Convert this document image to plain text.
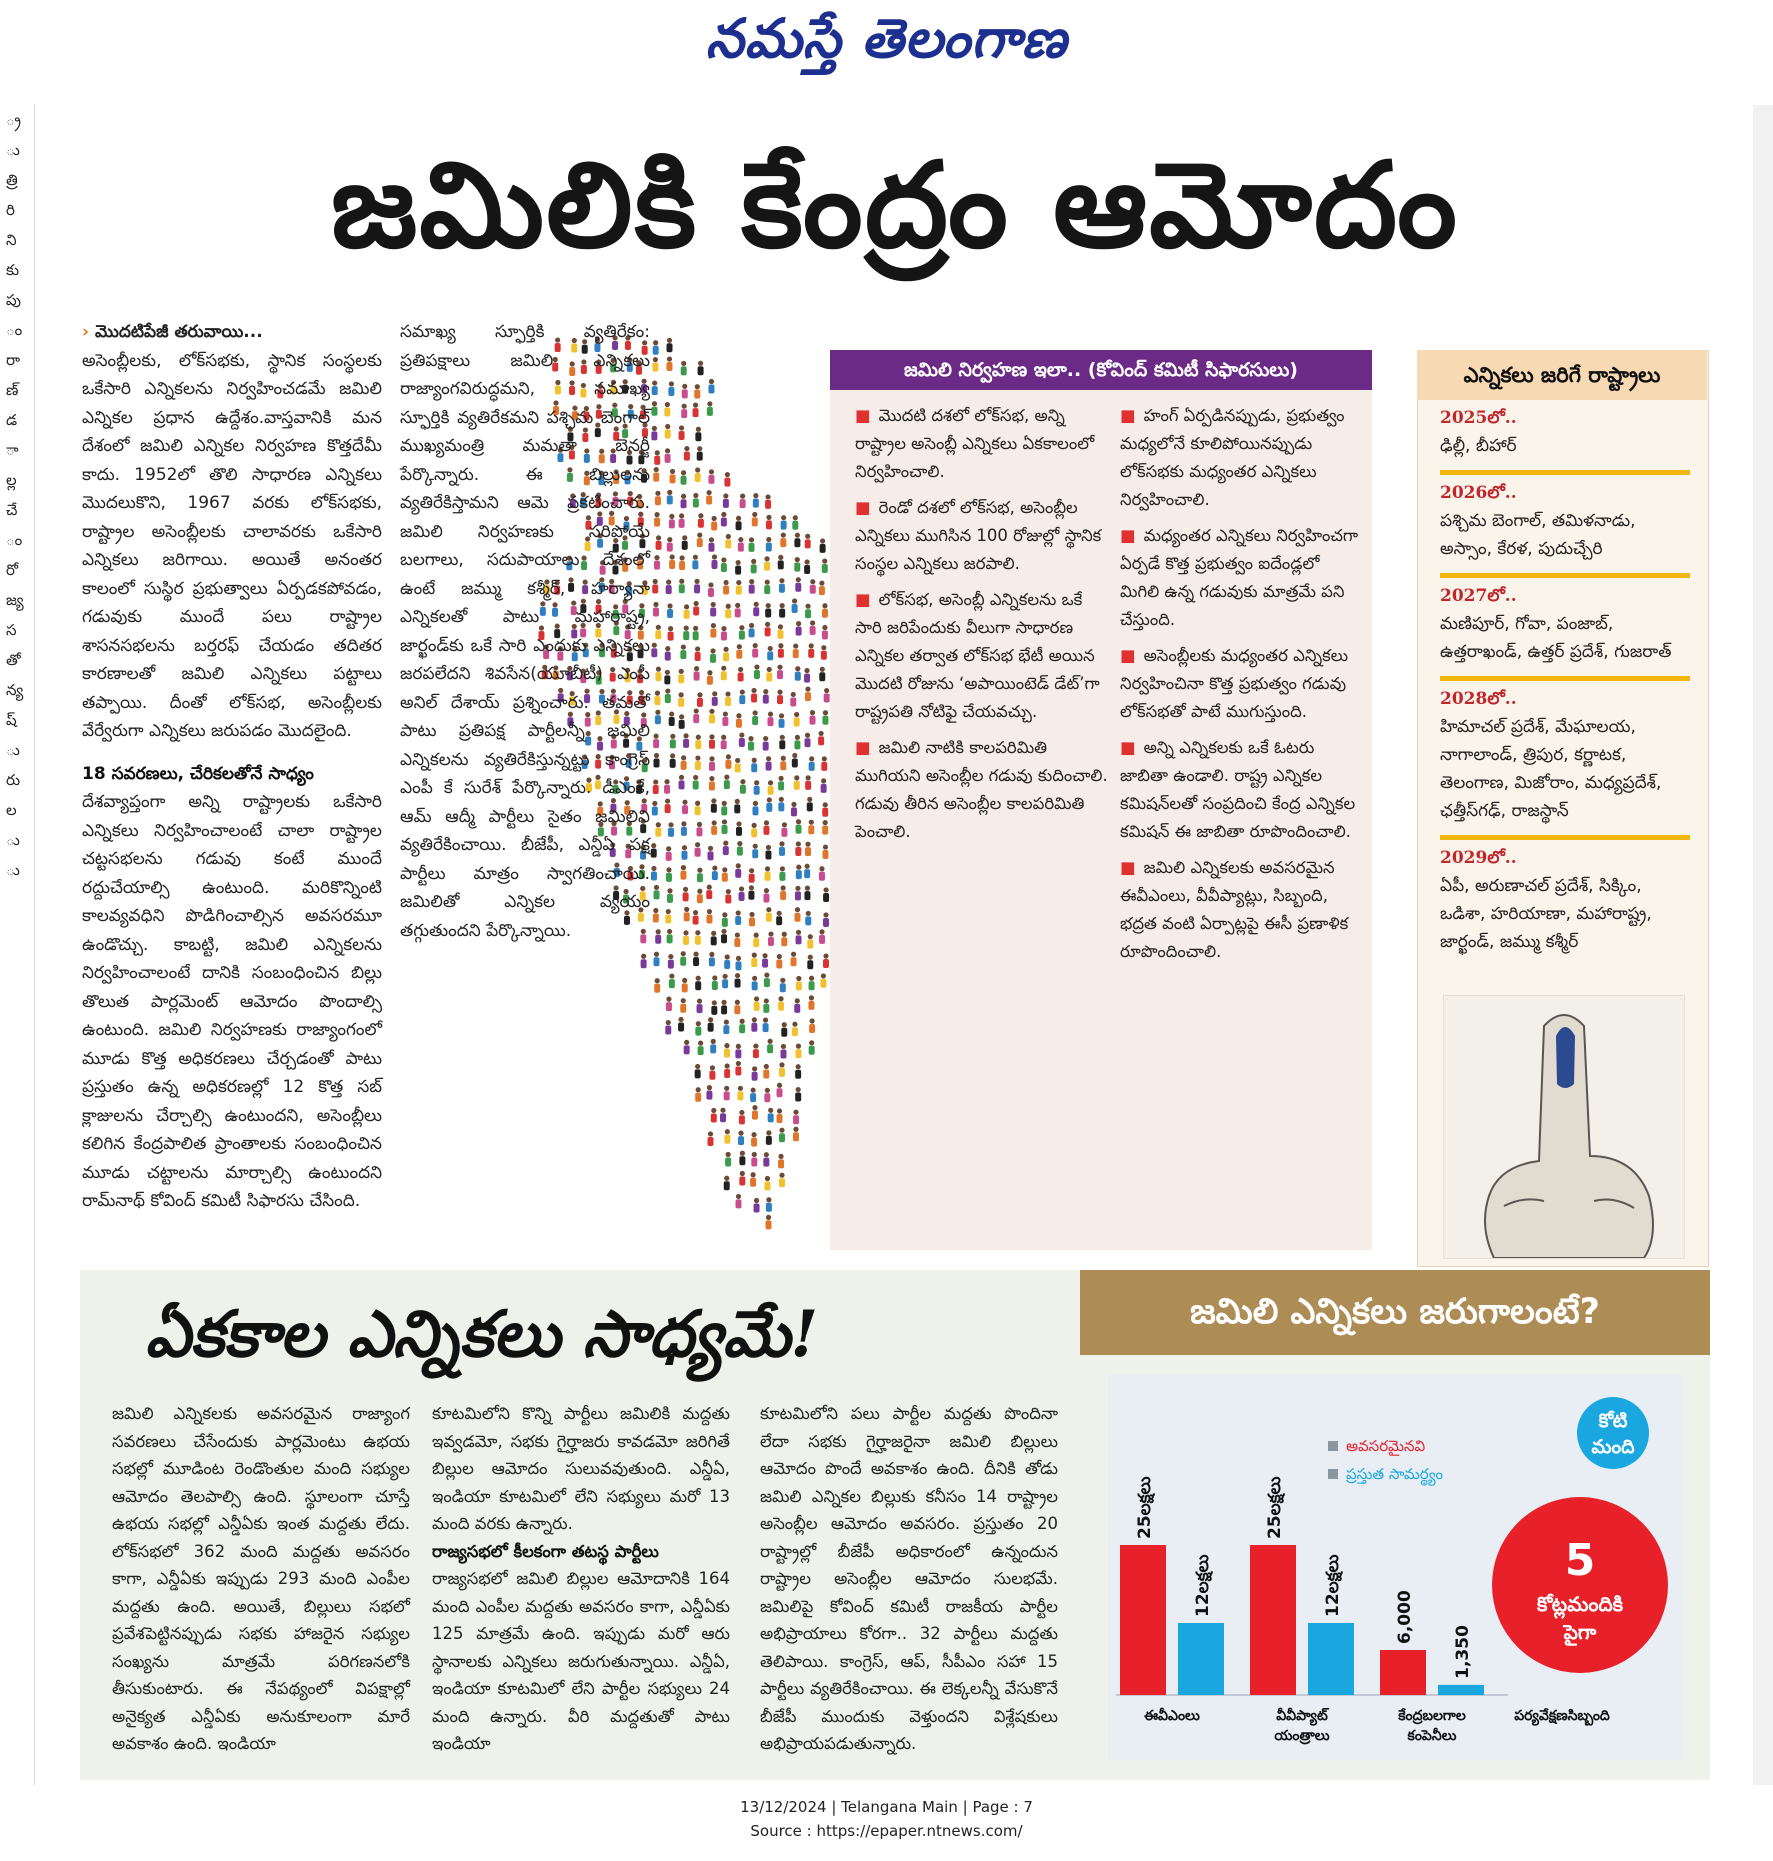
నమస్తే తెలంగాణ
్ర
ు
త్రి
రి
ని
కు
పు
ం
రా
ణ్
డ
ా
ల్ల
చే
ం
రో
జ్య
స
తో
న్య
ష్
ు
రు
ల
ు
ు
జమిలికి కేంద్రం ఆమోదం

› మొదటిపేజీ తరువాయి...

అసెంబ్లీలకు, లోక్‌సభకు, స్థానిక సంస్థలకు ఒకేసారి ఎన్నికలను నిర్వహించడమే జమిలి ఎన్నికల ప్రధాన ఉద్దేశం.వాస్తవానికి మన దేశంలో జమిలి ఎన్నికల నిర్వహణ కొత్తదేమీ కాదు. 1952లో తొలి సాధారణ ఎన్నికలు మొదలుకొని, 1967 వరకు లోక్‌సభకు, రాష్ట్రాల అసెంబ్లీలకు చాలావరకు ఒకేసారి ఎన్నికలు జరిగాయి. అయితే అనంతర కాలంలో సుస్థిర ప్రభుత్వాలు ఏర్పడకపోవడం, గడువుకు ముందే పలు రాష్ట్రాల శాసనసభలను బర్తరఫ్ చేయడం తదితర కారణాలతో జమిలి ఎన్నికలు పట్టాలు తప్పాయి. దీంతో లోక్‌సభ, అసెంబ్లీలకు వేర్వేరుగా ఎన్నికలు జరుపడం మొదలైంది.

18 సవరణలు, చేరికలతోనే సాధ్యం

దేశవ్యాప్తంగా అన్ని రాష్ట్రాలకు ఒకేసారి ఎన్నికలు నిర్వహించాలంటే చాలా రాష్ట్రాల చట్టసభలను గడువు కంటే ముందే రద్దుచేయాల్సి ఉంటుంది. మరికొన్నింటి కాలవ్యవధిని పొడిగించాల్సిన అవసరమూ ఉండొచ్చు. కాబట్టి, జమిలి ఎన్నికలను నిర్వహించాలంటే దానికి సంబంధించిన బిల్లు తొలుత పార్లమెంట్ ఆమోదం పొందాల్సి ఉంటుంది. జమిలి నిర్వహణకు రాజ్యాంగంలో మూడు కొత్త అధికరణలు చేర్చడంతో పాటు ప్రస్తుతం ఉన్న అధికరణల్లో 12 కొత్త సబ్ క్లాజులను చేర్చాల్సి ఉంటుందని, అసెంబ్లీలు కలిగిన కేంద్రపాలిత ప్రాంతాలకు సంబంధించిన మూడు చట్టాలను మార్చాల్సి ఉంటుందని రామ్‌నాథ్ కోవింద్ కమిటీ సిఫారసు చేసింది.

సమాఖ్య స్ఫూర్తికి వ్యతిరేకం: ప్రతిపక్షాలు జమిలి ఎన్నికలు రాజ్యాంగవిరుద్ధమని, సమాఖ్య స్ఫూర్తికి వ్యతిరేకమని పశ్చిమ బెంగాల్ ముఖ్యమంత్రి మమతా బెనర్జీ పేర్కొన్నారు. ఈ బిల్లులను వ్యతిరేకిస్తామని ఆమె ప్రకటించారు. జమిలి నిర్వహణకు సరిపోయే బలగాలు, సదుపాయాలు దేశంలో ఉంటే జమ్ము కశ్మీర్, హర్యానా ఎన్నికలతో పాటు మహారాష్ట్ర, జార్ఖండ్‌కు ఒకే సారి ఎందుకు ఎన్నికలు జరపలేదని శివసేన(యూబీటీ) ఎంపీ అనిల్ దేశాయ్ ప్రశ్నించారు. తమతో పాటు ప్రతిపక్ష పార్టీలన్నీ జమిలి ఎన్నికలను వ్యతిరేకిస్తున్నట్టు కాంగ్రెస్ ఎంపీ కే సురేశ్ పేర్కొన్నారు. డీఎంకే, ఆమ్ ఆద్మీ పార్టీలు సైతం జమిలిని వ్యతిరేకించాయి. బీజేపీ, ఎన్డీఏ పక్ష పార్టీలు మాత్రం స్వాగతించాయి. జమిలితో ఎన్నికల వ్యయం తగ్గుతుందని పేర్కొన్నాయి.

జమిలి నిర్వహణ ఇలా.. (కోవింద్ కమిటీ సిఫారసులు)
■ మొదటి దశలో లోక్‌సభ, అన్ని రాష్ట్రాల అసెంబ్లీ ఎన్నికలు ఏకకాలంలో నిర్వహించాలి.
■ రెండో దశలో లోక్‌సభ, అసెంబ్లీల ఎన్నికలు ముగిసిన 100 రోజుల్లో స్థానిక సంస్థల ఎన్నికలు జరపాలి.
■ లోక్‌సభ, అసెంబ్లీ ఎన్నికలను ఒకే సారి జరిపేందుకు వీలుగా సాధారణ ఎన్నికల తర్వాత లోక్‌సభ భేటీ అయిన మొదటి రోజును ‘అపాయింటెడ్ డేట్’గా రాష్ట్రపతి నోటిఫై చేయవచ్చు.
■ జమిలి నాటికి కాలపరిమితి ముగియని అసెంబ్లీల గడువు కుదించాలి. గడువు తీరిన అసెంబ్లీల కాలపరిమితి పెంచాలి.
■ హంగ్ ఏర్పడినప్పుడు, ప్రభుత్వం మధ్యలోనే కూలిపోయినప్పుడు లోక్‌సభకు మధ్యంతర ఎన్నికలు నిర్వహించాలి.
■ మధ్యంతర ఎన్నికలు నిర్వహించగా ఏర్పడే కొత్త ప్రభుత్వం ఐదేండ్లలో మిగిలి ఉన్న గడువుకు మాత్రమే పని చేస్తుంది.
■ అసెంబ్లీలకు మధ్యంతర ఎన్నికలు నిర్వహించినా కొత్త ప్రభుత్వం గడువు లోక్‌సభతో పాటే ముగుస్తుంది.
■ అన్ని ఎన్నికలకు ఒకే ఓటరు జాబితా ఉండాలి. రాష్ట్ర ఎన్నికల కమిషన్‌లతో సంప్రదించి కేంద్ర ఎన్నికల కమిషన్ ఈ జాబితా రూపొందించాలి.
■ జమిలి ఎన్నికలకు అవసరమైన ఈవీఎంలు, వీవీప్యాట్లు, సిబ్బంది, భద్రత వంటి ఏర్పాట్లపై ఈసీ ప్రణాళిక రూపొందించాలి.
ఎన్నికలు జరిగే రాష్ట్రాలు
2025లో..
ఢిల్లీ, బీహార్
2026లో..
పశ్చిమ బెంగాల్, తమిళనాడు, అస్సాం, కేరళ, పుదుచ్చేరి
2027లో..
మణిపూర్, గోవా, పంజాబ్, ఉత్తరాఖండ్, ఉత్తర్ ప్రదేశ్, గుజరాత్
2028లో..
హిమాచల్ ప్రదేశ్, మేఘాలయ, నాగాలాండ్, త్రిపుర, కర్ణాటక, తెలంగాణ, మిజోరాం, మధ్యప్రదేశ్, ఛత్తీస్‌గఢ్, రాజస్థాన్
2029లో..
ఏపీ, అరుణాచల్ ప్రదేశ్, సిక్కిం, ఒడిశా, హరియాణా, మహారాష్ట్ర, జార్ఖండ్, జమ్ము కశ్మీర్
ఏకకాల ఎన్నికలు సాధ్యమే!
జమిలి ఎన్నికలకు అవసరమైన రాజ్యాంగ సవరణలు చేసేందుకు పార్లమెంటు ఉభయ సభల్లో మూడింట రెండొంతుల మంది సభ్యుల ఆమోదం తెలపాల్సి ఉంది. స్థూలంగా చూస్తే ఉభయ సభల్లో ఎన్డీఏకు ఇంత మద్దతు లేదు. లోక్‌సభలో 362 మంది మద్దతు అవసరం కాగా, ఎన్డీఏకు ఇప్పుడు 293 మంది ఎంపీల మద్దతు ఉంది. అయితే, బిల్లులు సభలో ప్రవేశపెట్టినప్పుడు సభకు హాజరైన సభ్యుల సంఖ్యను మాత్రమే పరిగణనలోకి తీసుకుంటారు. ఈ నేపథ్యంలో విపక్షాల్లో అనైక్యత ఎన్డీఏకు అనుకూలంగా మారే అవకాశం ఉంది. ఇండియా
కూటమిలోని కొన్ని పార్టీలు జమిలికి మద్దతు ఇవ్వడమో, సభకు గైర్హాజరు కావడమో జరిగితే బిల్లుల ఆమోదం సులువవుతుంది. ఎన్డీఏ, ఇండియా కూటమిలో లేని సభ్యులు మరో 13 మంది వరకు ఉన్నారు.
రాజ్యసభలో కీలకంగా తటస్థ పార్టీలు
రాజ్యసభలో జమిలి బిల్లుల ఆమోదానికి 164 మంది ఎంపీల మద్దతు అవసరం కాగా, ఎన్డీఏకు 125 మాత్రమే ఉంది. ఇప్పుడు మరో ఆరు స్థానాలకు ఎన్నికలు జరుగుతున్నాయి. ఎన్డీఏ, ఇండియా కూటమిలో లేని పార్టీల సభ్యులు 24 మంది ఉన్నారు. వీరి మద్దతుతో పాటు ఇండియా
కూటమిలోని పలు పార్టీల మద్దతు పొందినా లేదా సభకు గైర్హాజరైనా జమిలి బిల్లులు ఆమోదం పొందే అవకాశం ఉంది. దీనికి తోడు జమిలి ఎన్నికల బిల్లుకు కనీసం 14 రాష్ట్రాల అసెంబ్లీల ఆమోదం అవసరం. ప్రస్తుతం 20 రాష్ట్రాల్లో బీజేపీ అధికారంలో ఉన్నందున రాష్ట్రాల అసెంబ్లీల ఆమోదం సులభమే. జమిలిపై కోవింద్ కమిటీ రాజకీయ పార్టీల అభిప్రాయాలు కోరగా.. 32 పార్టీలు మద్దతు తెలిపాయి. కాంగ్రెస్, ఆప్, సీపీఎం సహా 15 పార్టీలు వ్యతిరేకించాయి. ఈ లెక్కలన్నీ వేసుకొనే బీజేపీ ముందుకు వెళ్తుందని విశ్లేషకులు అభిప్రాయపడుతున్నారు.
జమిలి ఎన్నికలు జరుగాలంటే?
25లక్షలు
12లక్షలు
ఈవీఎంలు
25లక్షలు
12లక్షలు
వీవీప్యాట్
యంత్రాలు
6,000
1,350
కేంద్రబలగాల
కంపెనీలు
పర్యవేక్షణసిబ్బంది
అవసరమైనవి
ప్రస్తుత సామర్థ్యం
కోటి
మంది
5
కోట్లమందికి
పైగా
13/12/2024 | Telangana Main | Page : 7
Source : https://epaper.ntnews.com/
